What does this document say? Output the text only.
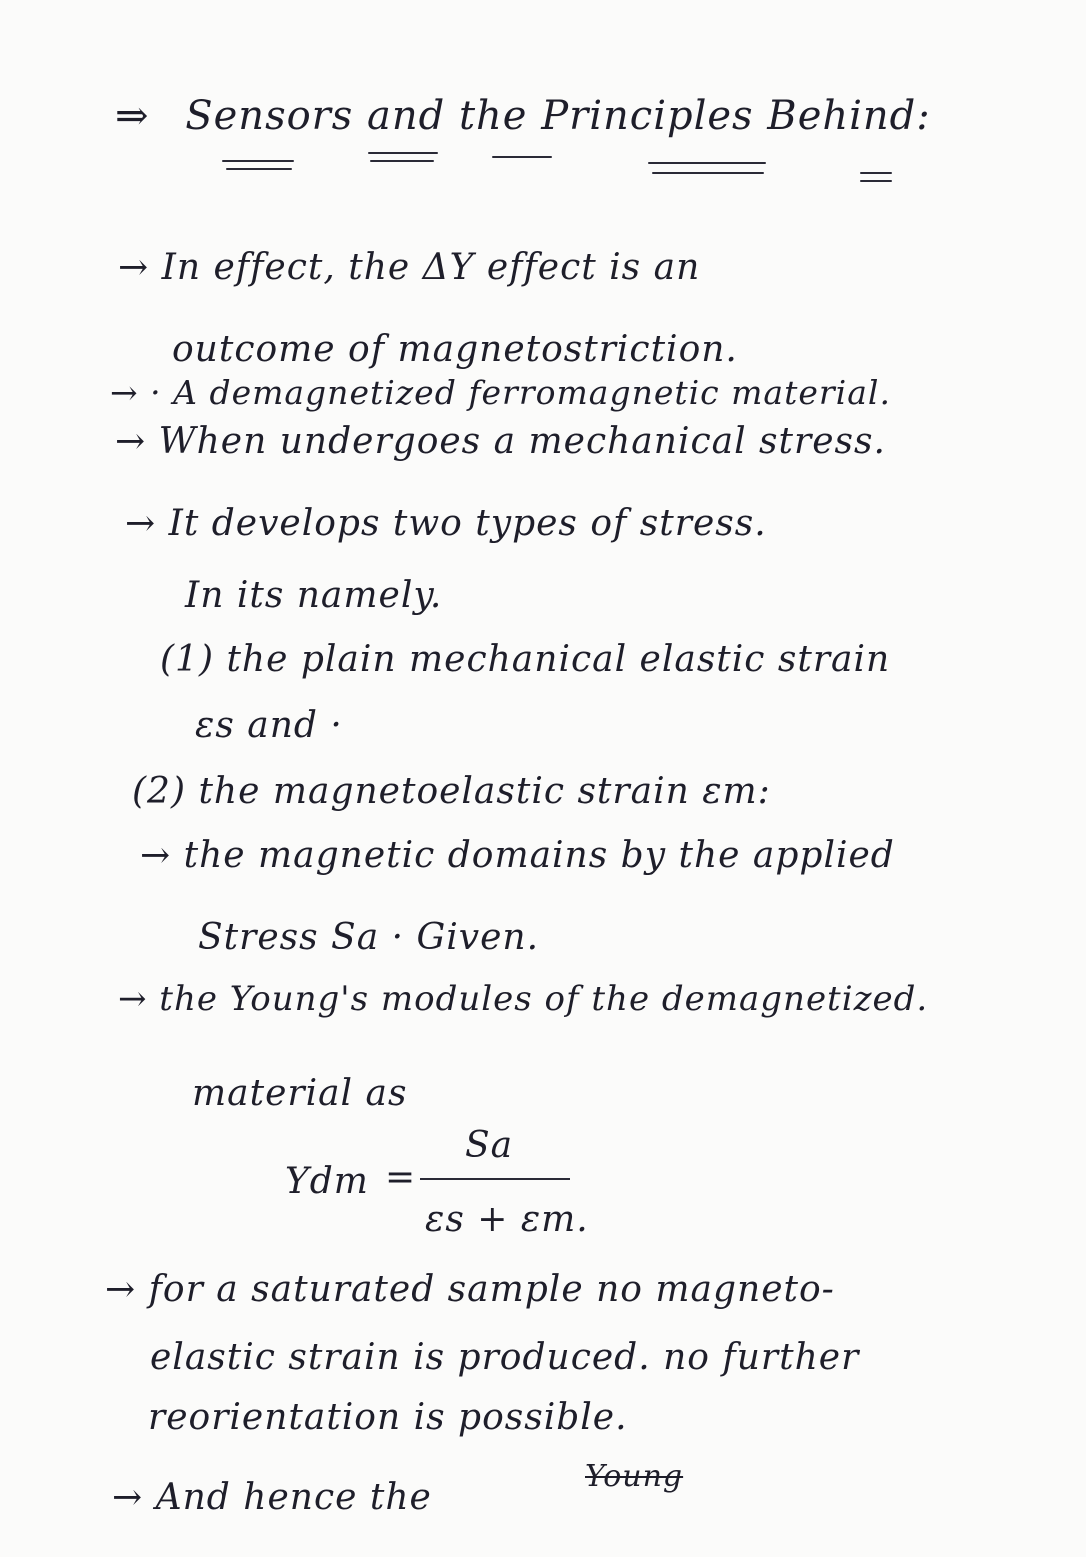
⇒ Sensors and the Principles Behind:
→ In effect, the ΔY effect is an
outcome of magnetostriction.
→ · A demagnetized ferromagnetic material.
→ When undergoes a mechanical stress.
→ It develops two types of stress.
In its namely.
(1) the plain mechanical elastic strain
εs and ·
(2) the magnetoelastic strain εm:
→ the magnetic domains by the applied
Stress Sa · Given.
→ the Young's modules of the demagnetized.
material as
Ydm =
Sa
εs + εm.
→ for a saturated sample no magneto-
elastic strain is produced. no further
reorientation is possible.
→ And hence the
Young
